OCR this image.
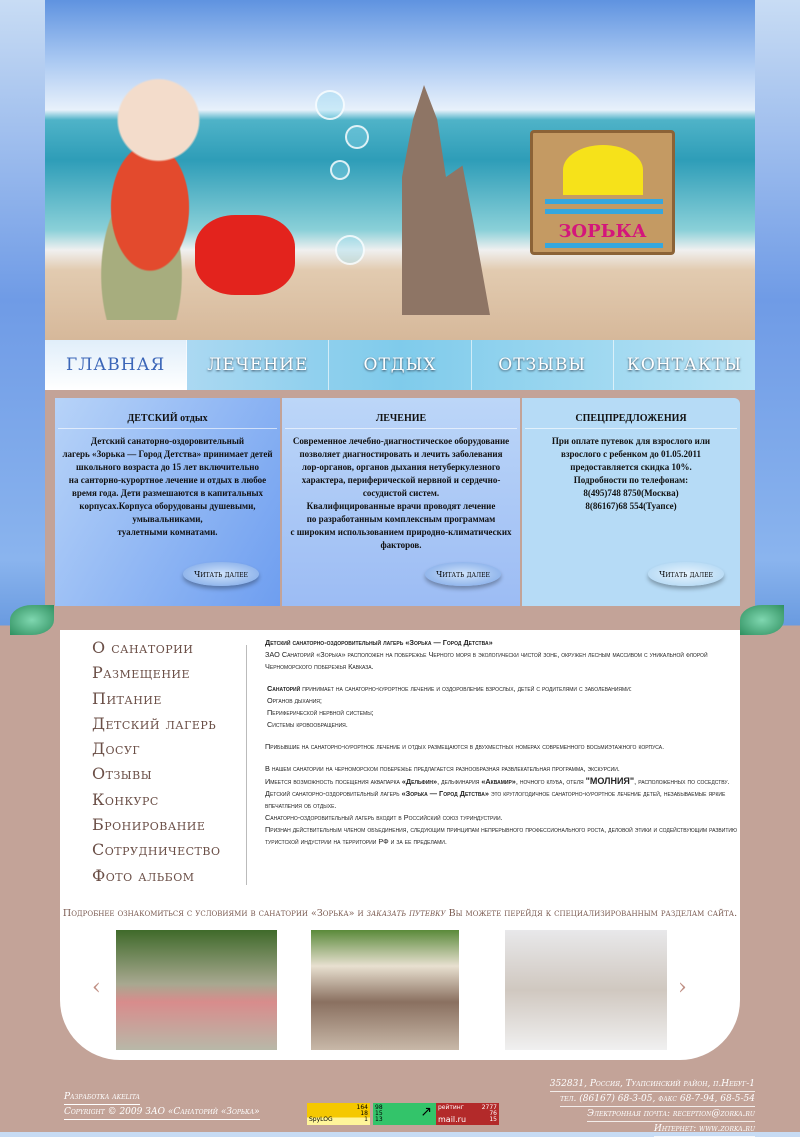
ЗОРЬКА
ГЛАВНАЯ	ЛЕЧЕНИЕ	ОТДЫХ	ОТЗЫВЫ	КОНТАКТЫ
ДЕТСКИЙ отдых
Детский санаторно-оздоровительный
лагерь «Зорька — Город Детства» принимает детей
школьного возраста до 15 лет включительно
на санторно-курортное лечение и отдых в любое
время года. Дети размешаются в капитальных
корпусах.Корпуса оборудованы душевыми,
умывальниками,
туалетными комнатами.
ЛЕЧЕНИЕ
Современное лечебно-диагностическое оборудование
позволяет диагностировать и лечить заболевания
лор-органов, органов дыхания нетуберкулезного
характера, периферической нервной и сердечно-
сосудистой систем.
Квалифицированные врачи проводят лечение
по разработанным комплексным программам
с широким использованием природно-климатических
факторов.
СПЕЦПРЕДЛОЖЕНИЯ
При оплате путевок для взрослого или
взрослого с ребенком до 01.05.2011
предоставляется скидка 10%.
Подробности по телефонам:
8(495)748 8750(Москва)
8(86167)68 554(Туапсе)
Читать далее	Читать далее	Читать далее
О санатории
Размещение
Питание
Детский лагерь
Досуг
Отзывы
Конкурс
Бронирование
Сотрудничество
Фото альбом

Детский санаторно-оздоровительный лагерь «Зорька — Город Детства»

ЗАО Санаторий «Зорька» расположен на побережье Черного моря в экологически чистой зоне, окружен лесным массивом с уникальной флорой Черноморского побережья Кавказа.

Санаторий принимает на санаторно-курортное лечение и оздоровление взрослых, детей с родителями с заболеваниями:

Органов дыхания;

Периферической нервной системы;

Системы кровообращения.

Прибывшие на санаторно-курортное лечение и отдых размещаются в двухместных номерах современного восьмиэтажного корпуса.

В нашем санатории на черноморском побережье предлагается разнообразная развлекательная программа, экскурсии.

Имеется возможность посещения аквапарка «Дельфин», дельфинария «Аквамир», ночного клуба, отеля "МОЛНИЯ", расположенных по соседству.

Детский санаторно-оздоровительный лагерь «Зорька — Город Детства» это круглогодичное санаторно-курортное лечение детей, незабываемые яркие впечатления об отдыхе.

Санаторно-оздоровительный лагерь входит в Российский союз туриндустрии.

Признан действительным членом объединения, следующим принципам непрерывного профессионального роста, деловой этики и содействующим развитию туристской индустрии на территории РФ и за ее пределами.

Подробнее ознакомиться с условиями в санатории «Зорька» и заказать путевку Вы можете перейдя к специализированным разделам сайта.
‹	›
Разработка akelita
Copyright © 2009 ЗАО «Санаторий «Зорька»	164
18
SpyLOG	1
98
15
13	↗ рейтинг	2777
76
mail.ru	15
352831, Россия, Туапсинский район, п.Небуг-1
тел. (86167) 68-3-05, факс 68-7-94, 68-5-54
Электронная почта: reception@zorka.ru
Интернет: www.zorka.ru
